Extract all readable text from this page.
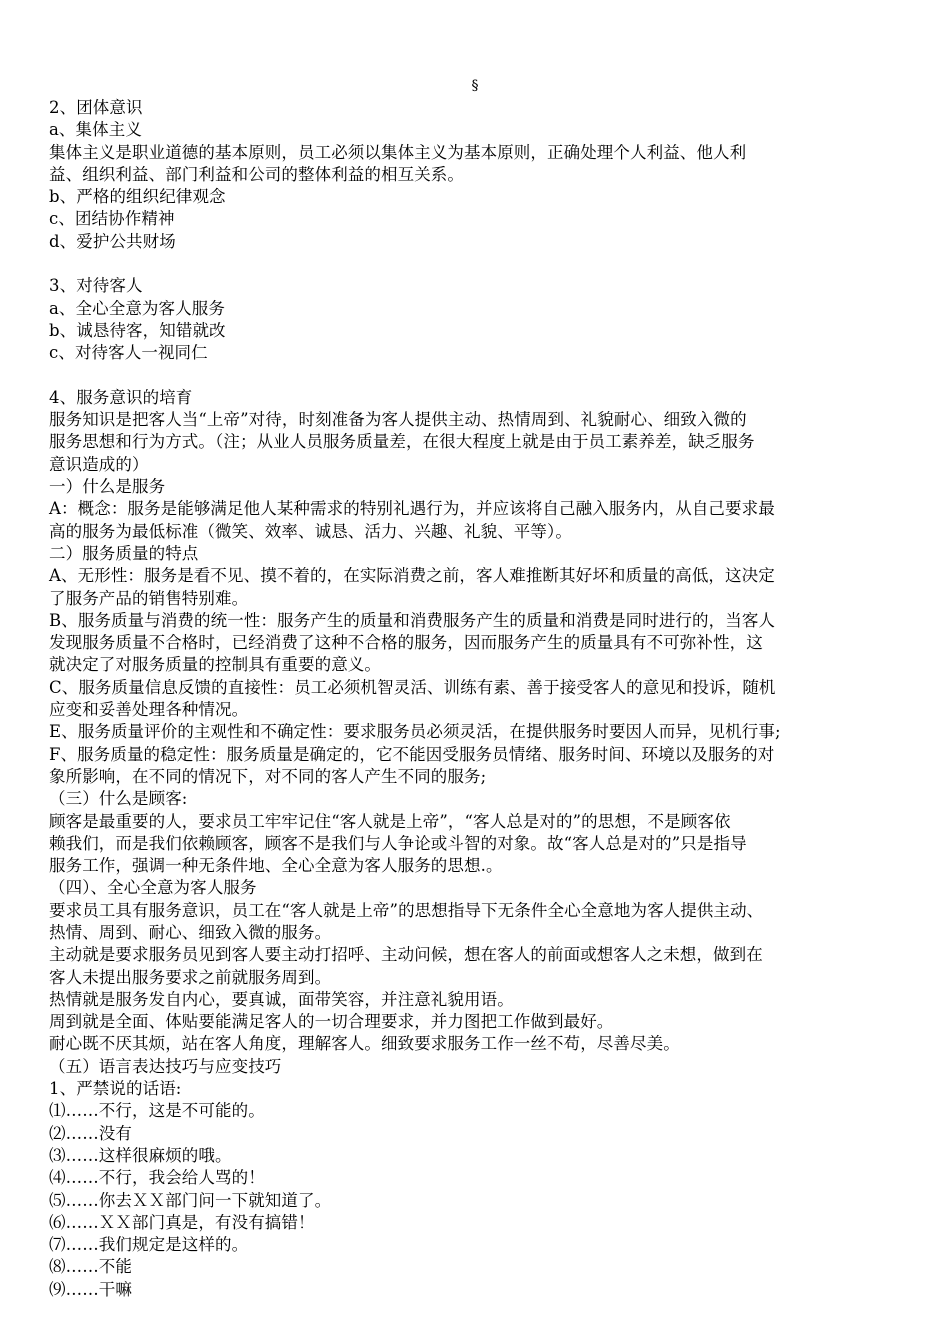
§
2、团体意识
a、集体主义
集体主义是职业道德的基本原则，员工必须以集体主义为基本原则，正确处理个人利益、他人利
益、组织利益、部门利益和公司的整体利益的相互关系。
b、严格的组织纪律观念
c、团结协作精神
d、爱护公共财场
3、对待客人
a、全心全意为客人服务
b、诚恳待客，知错就改
c、对待客人一视同仁
4、服务意识的培育
服务知识是把客人当“上帝”对待，时刻准备为客人提供主动、热情周到、礼貌耐心、细致入微的
服务思想和行为方式。（注；从业人员服务质量差，在很大程度上就是由于员工素养差，缺乏服务
意识造成的）
一）什么是服务
A：概念：服务是能够满足他人某种需求的特别礼遇行为，并应该将自己融入服务内，从自己要求最
高的服务为最低标准（微笑、效率、诚恳、活力、兴趣、礼貌、平等）。
二）服务质量的特点
A、无形性：服务是看不见、摸不着的，在实际消费之前，客人难推断其好坏和质量的高低，这决定
了服务产品的销售特别难。
B、服务质量与消费的统一性：服务产生的质量和消费服务产生的质量和消费是同时进行的，当客人
发现服务质量不合格时，已经消费了这种不合格的服务，因而服务产生的质量具有不可弥补性，这
就决定了对服务质量的控制具有重要的意义。
C、服务质量信息反馈的直接性：员工必须机智灵活、训练有素、善于接受客人的意见和投诉，随机
应变和妥善处理各种情况。
E、服务质量评价的主观性和不确定性：要求服务员必须灵活，在提供服务时要因人而异，见机行事;
F、服务质量的稳定性：服务质量是确定的，它不能因受服务员情绪、服务时间、环境以及服务的对
象所影响，在不同的情况下，对不同的客人产生不同的服务;
（三）什么是顾客:
顾客是最重要的人，要求员工牢牢记住“客人就是上帝”，“客人总是对的”的思想，不是顾客依
赖我们，而是我们依赖顾客，顾客不是我们与人争论或斗智的对象。故“客人总是对的”只是指导
服务工作，强调一种无条件地、全心全意为客人服务的思想.。
（四）、全心全意为客人服务
要求员工具有服务意识，员工在“客人就是上帝”的思想指导下无条件全心全意地为客人提供主动、
热情、周到、耐心、细致入微的服务。
主动就是要求服务员见到客人要主动打招呼、主动问候，想在客人的前面或想客人之未想，做到在
客人未提出服务要求之前就服务周到。
热情就是服务发自内心，要真诚，面带笑容，并注意礼貌用语。
周到就是全面、体贴要能满足客人的一切合理要求，并力图把工作做到最好。
耐心既不厌其烦，站在客人角度，理解客人。细致要求服务工作一丝不苟，尽善尽美。
（五）语言表达技巧与应变技巧
1、严禁说的话语:
⑴……不行，这是不可能的。
⑵……没有
⑶……这样很麻烦的哦。
⑷……不行，我会给人骂的！
⑸……你去ＸＸ部门问一下就知道了。
⑹……ＸＸ部门真是，有没有搞错！
⑺……我们规定是这样的。
⑻……不能
⑼……干嘛
